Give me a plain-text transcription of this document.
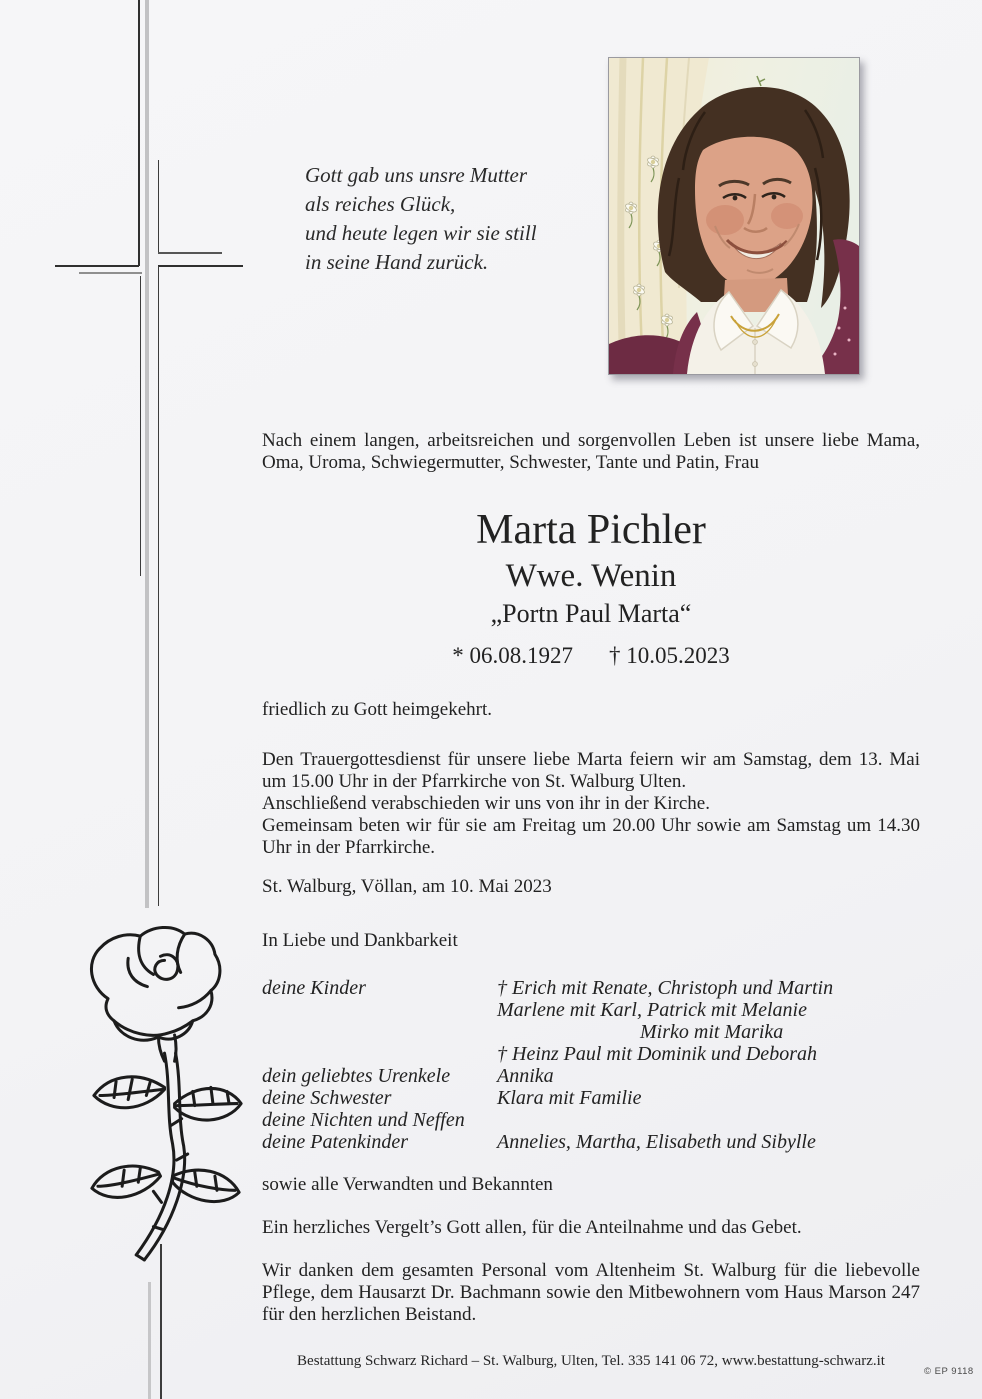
Gott gab uns unsre Mutter
als reiches Glück,
und heute legen wir sie still
in seine Hand zurück.

Nach einem langen, arbeitsreichen und sorgenvollen Leben ist unsere liebe Mama, Oma, Uroma, Schwiegermutter, Schwester, Tante und Patin, Frau

Marta Pichler
Wwe. Wenin
„Portn Paul Marta“
* 06.08.1927 † 10.05.2023

friedlich zu Gott heimgekehrt.

Den Trauergottesdienst für unsere liebe Marta feiern wir am Samstag, dem 13. Mai um 15.00 Uhr in der Pfarrkirche von St. Walburg Ulten.
Anschließend verabschieden wir uns von ihr in der Kirche.
Gemeinsam beten wir für sie am Freitag um 20.00 Uhr sowie am Samstag um 14.30 Uhr in der Pfarrkirche.

St. Walburg, Völlan, am 10. Mai 2023

In Liebe und Dankbarkeit

deine Kinder	† Erich mit Renate, Christoph und Martin
Marlene mit Karl, Patrick mit Melanie
Mirko mit Marika
† Heinz Paul mit Dominik und Deborah
dein geliebtes Urenkele	Annika
deine Schwester	Klara mit Familie
deine Nichten und Neffen
deine Patenkinder	Annelies, Martha, Elisabeth und Sibylle

sowie alle Verwandten und Bekannten

Ein herzliches Vergelt’s Gott allen, für die Anteilnahme und das Gebet.

Wir danken dem gesamten Personal vom Altenheim St. Walburg für die liebevolle Pflege, dem Hausarzt Dr. Bachmann sowie den Mitbewohnern vom Haus Marson 247 für den herzlichen Beistand.

Bestattung Schwarz Richard – St. Walburg, Ulten, Tel. 335 141 06 72, www.bestattung-schwarz.it
© EP 9118
